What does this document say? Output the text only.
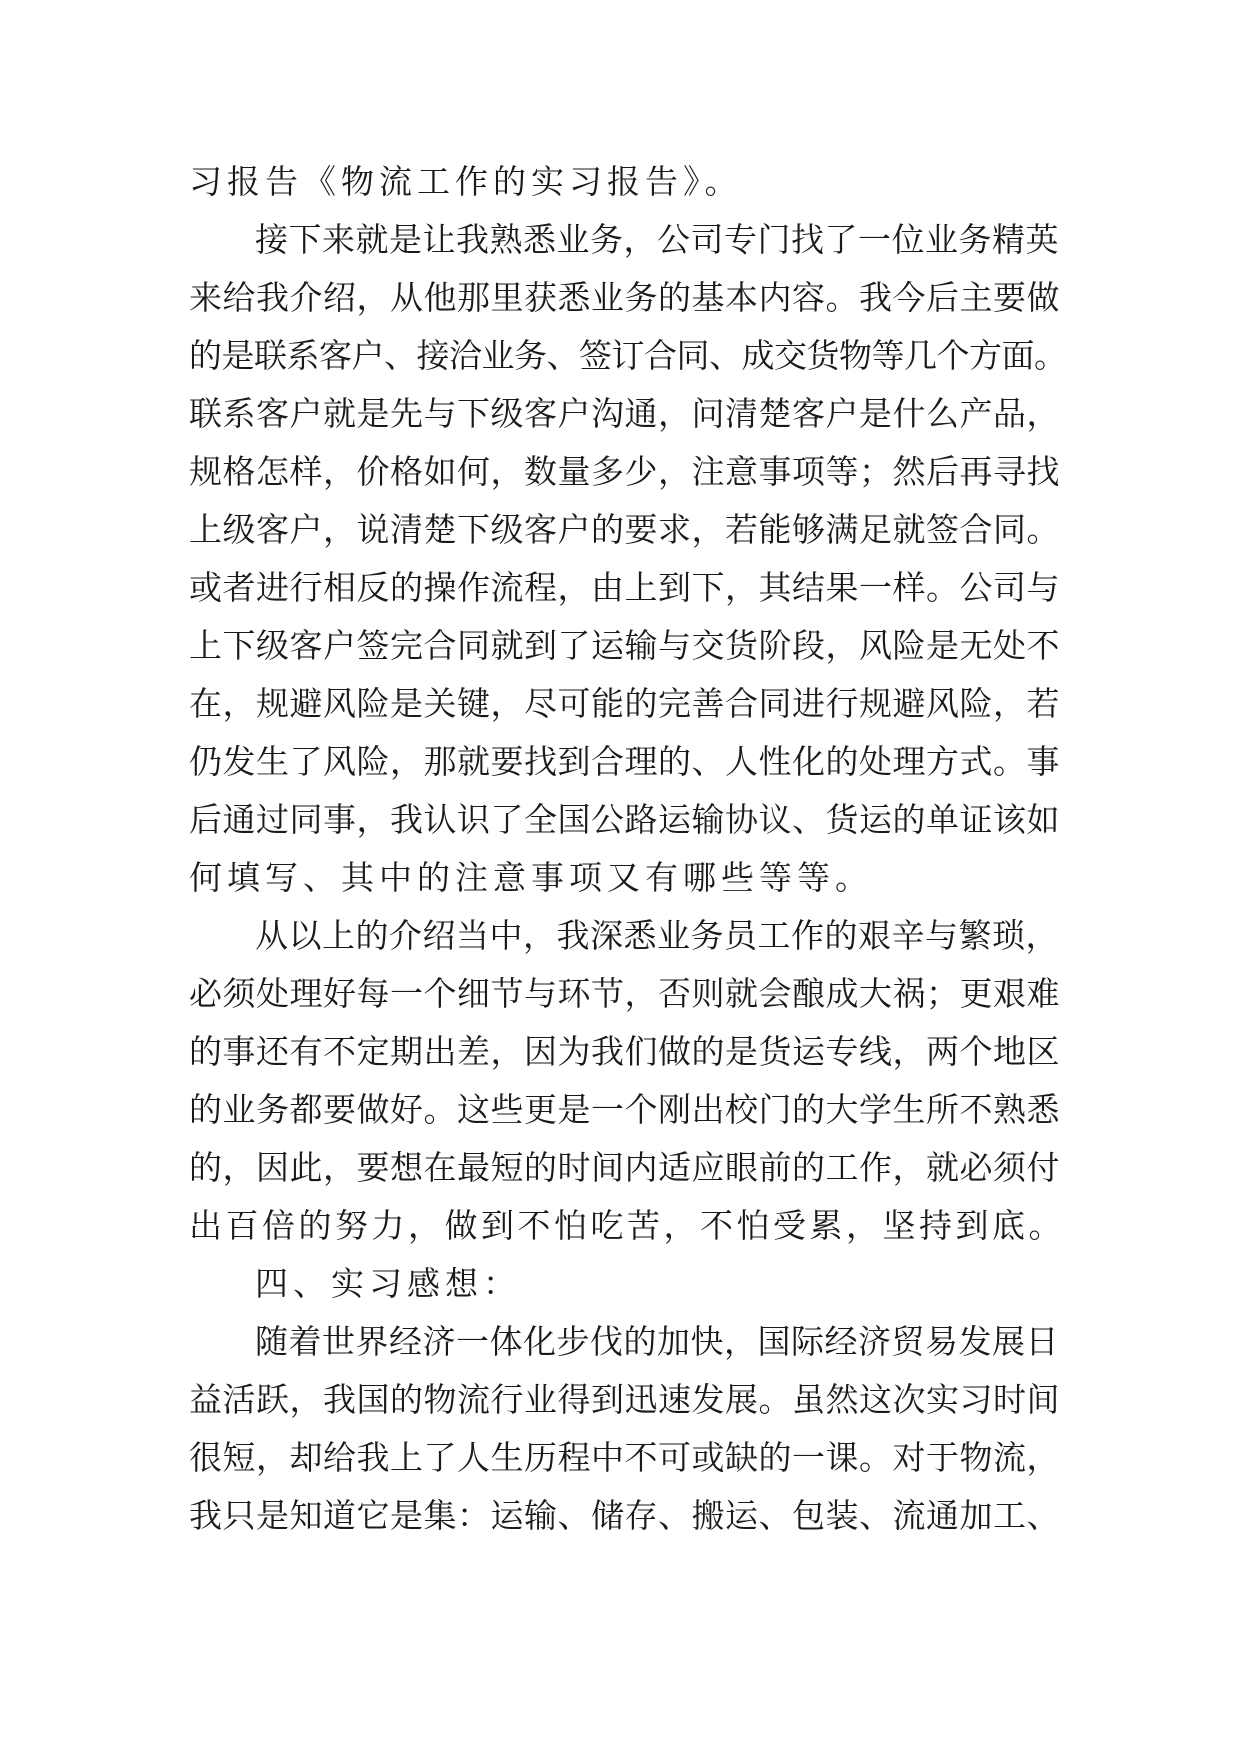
习报告《物流工作的实习报告》。
接下来就是让我熟悉业务，公司专门找了一位业务精英
来给我介绍，从他那里获悉业务的基本内容。我今后主要做
的是联系客户、接洽业务、签订合同、成交货物等几个方面。
联系客户就是先与下级客户沟通，问清楚客户是什么产品，
规格怎样，价格如何，数量多少，注意事项等；然后再寻找
上级客户，说清楚下级客户的要求，若能够满足就签合同。
或者进行相反的操作流程，由上到下，其结果一样。公司与
上下级客户签完合同就到了运输与交货阶段，风险是无处不
在，规避风险是关键，尽可能的完善合同进行规避风险，若
仍发生了风险，那就要找到合理的、人性化的处理方式。事
后通过同事，我认识了全国公路运输协议、货运的单证该如
何填写、其中的注意事项又有哪些等等。
从以上的介绍当中，我深悉业务员工作的艰辛与繁琐，
必须处理好每一个细节与环节，否则就会酿成大祸；更艰难
的事还有不定期出差，因为我们做的是货运专线，两个地区
的业务都要做好。这些更是一个刚出校门的大学生所不熟悉
的，因此，要想在最短的时间内适应眼前的工作，就必须付
出百倍的努力，做到不怕吃苦，不怕受累，坚持到底。
四、实习感想：
随着世界经济一体化步伐的加快，国际经济贸易发展日
益活跃，我国的物流行业得到迅速发展。虽然这次实习时间
很短，却给我上了人生历程中不可或缺的一课。对于物流，
我只是知道它是集：运输、储存、搬运、包装、流通加工、
